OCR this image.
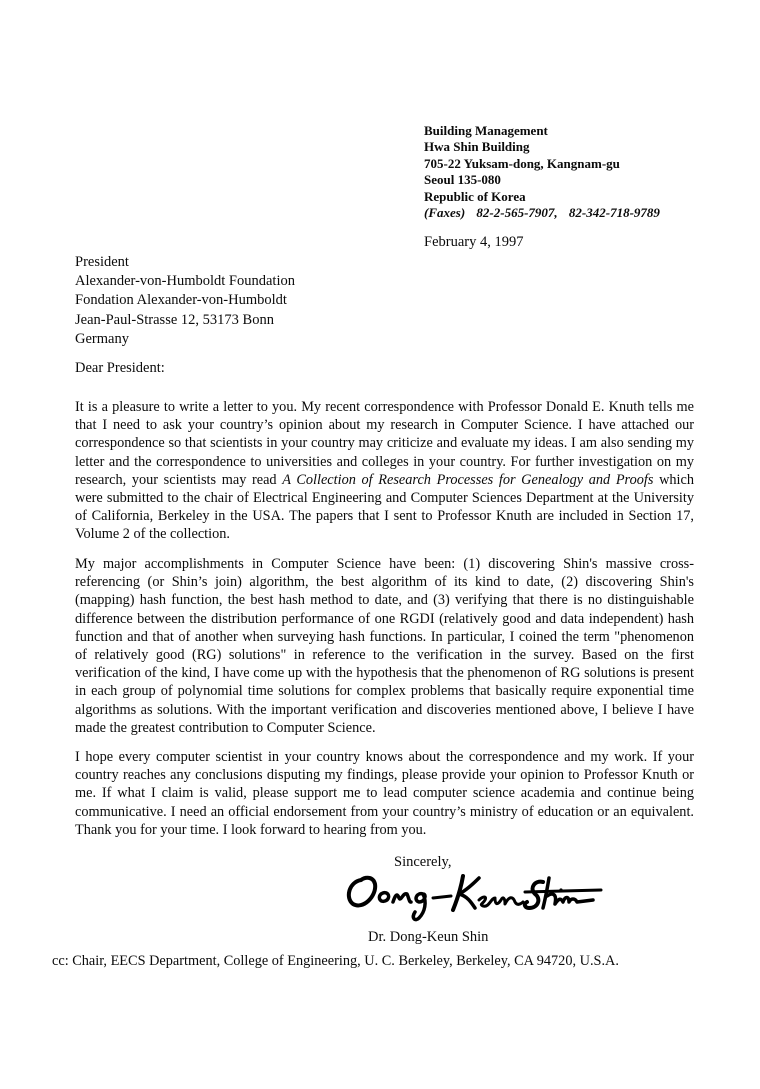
Building Management
Hwa Shin Building
705-22 Yuksam-dong, Kangnam-gu
Seoul 135-080
Republic of Korea
(Faxes) 82-2-565-7907, 82-342-718-9789
February 4, 1997
President
Alexander-von-Humboldt Foundation
Fondation Alexander-von-Humboldt
Jean-Paul-Strasse 12, 53173 Bonn
Germany
Dear President:

It is a pleasure to write a letter to you. My recent correspondence with Professor Donald E. Knuth tells me that I need to ask your country’s opinion about my research in Computer Science. I have attached our correspondence so that scientists in your country may criticize and evaluate my ideas. I am also sending my letter and the correspondence to universities and colleges in your country. For further investigation on my research, your scientists may read A Collection of Research Processes for Genealogy and Proofs which were submitted to the chair of Electrical Engineering and Computer Sciences Department at the University of California, Berkeley in the USA. The papers that I sent to Professor Knuth are included in Section 17, Volume 2 of the collection.

My major accomplishments in Computer Science have been: (1) discovering Shin's massive cross-referencing (or Shin’s join) algorithm, the best algorithm of its kind to date, (2) discovering Shin's (mapping) hash function, the best hash method to date, and (3) verifying that there is no distinguishable difference between the distribution performance of one RGDI (relatively good and data independent) hash function and that of another when surveying hash functions. In particular, I coined the term "phenomenon of relatively good (RG) solutions" in reference to the verification in the survey. Based on the first verification of the kind, I have come up with the hypothesis that the phenomenon of RG solutions is present in each group of polynomial time solutions for complex problems that basically require exponential time algorithms as solutions. With the important verification and discoveries mentioned above, I believe I have made the greatest contribution to Computer Science.

I hope every computer scientist in your country knows about the correspondence and my work. If your country reaches any conclusions disputing my findings, please provide your opinion to Professor Knuth or me. If what I claim is valid, please support me to lead computer science academia and continue being communicative. I need an official endorsement from your country’s ministry of education or an equivalent. Thank you for your time. I look forward to hearing from you.

Sincerely,
Dr. Dong-Keun Shin
cc: Chair, EECS Department, College of Engineering, U. C. Berkeley, Berkeley, CA 94720, U.S.A.
